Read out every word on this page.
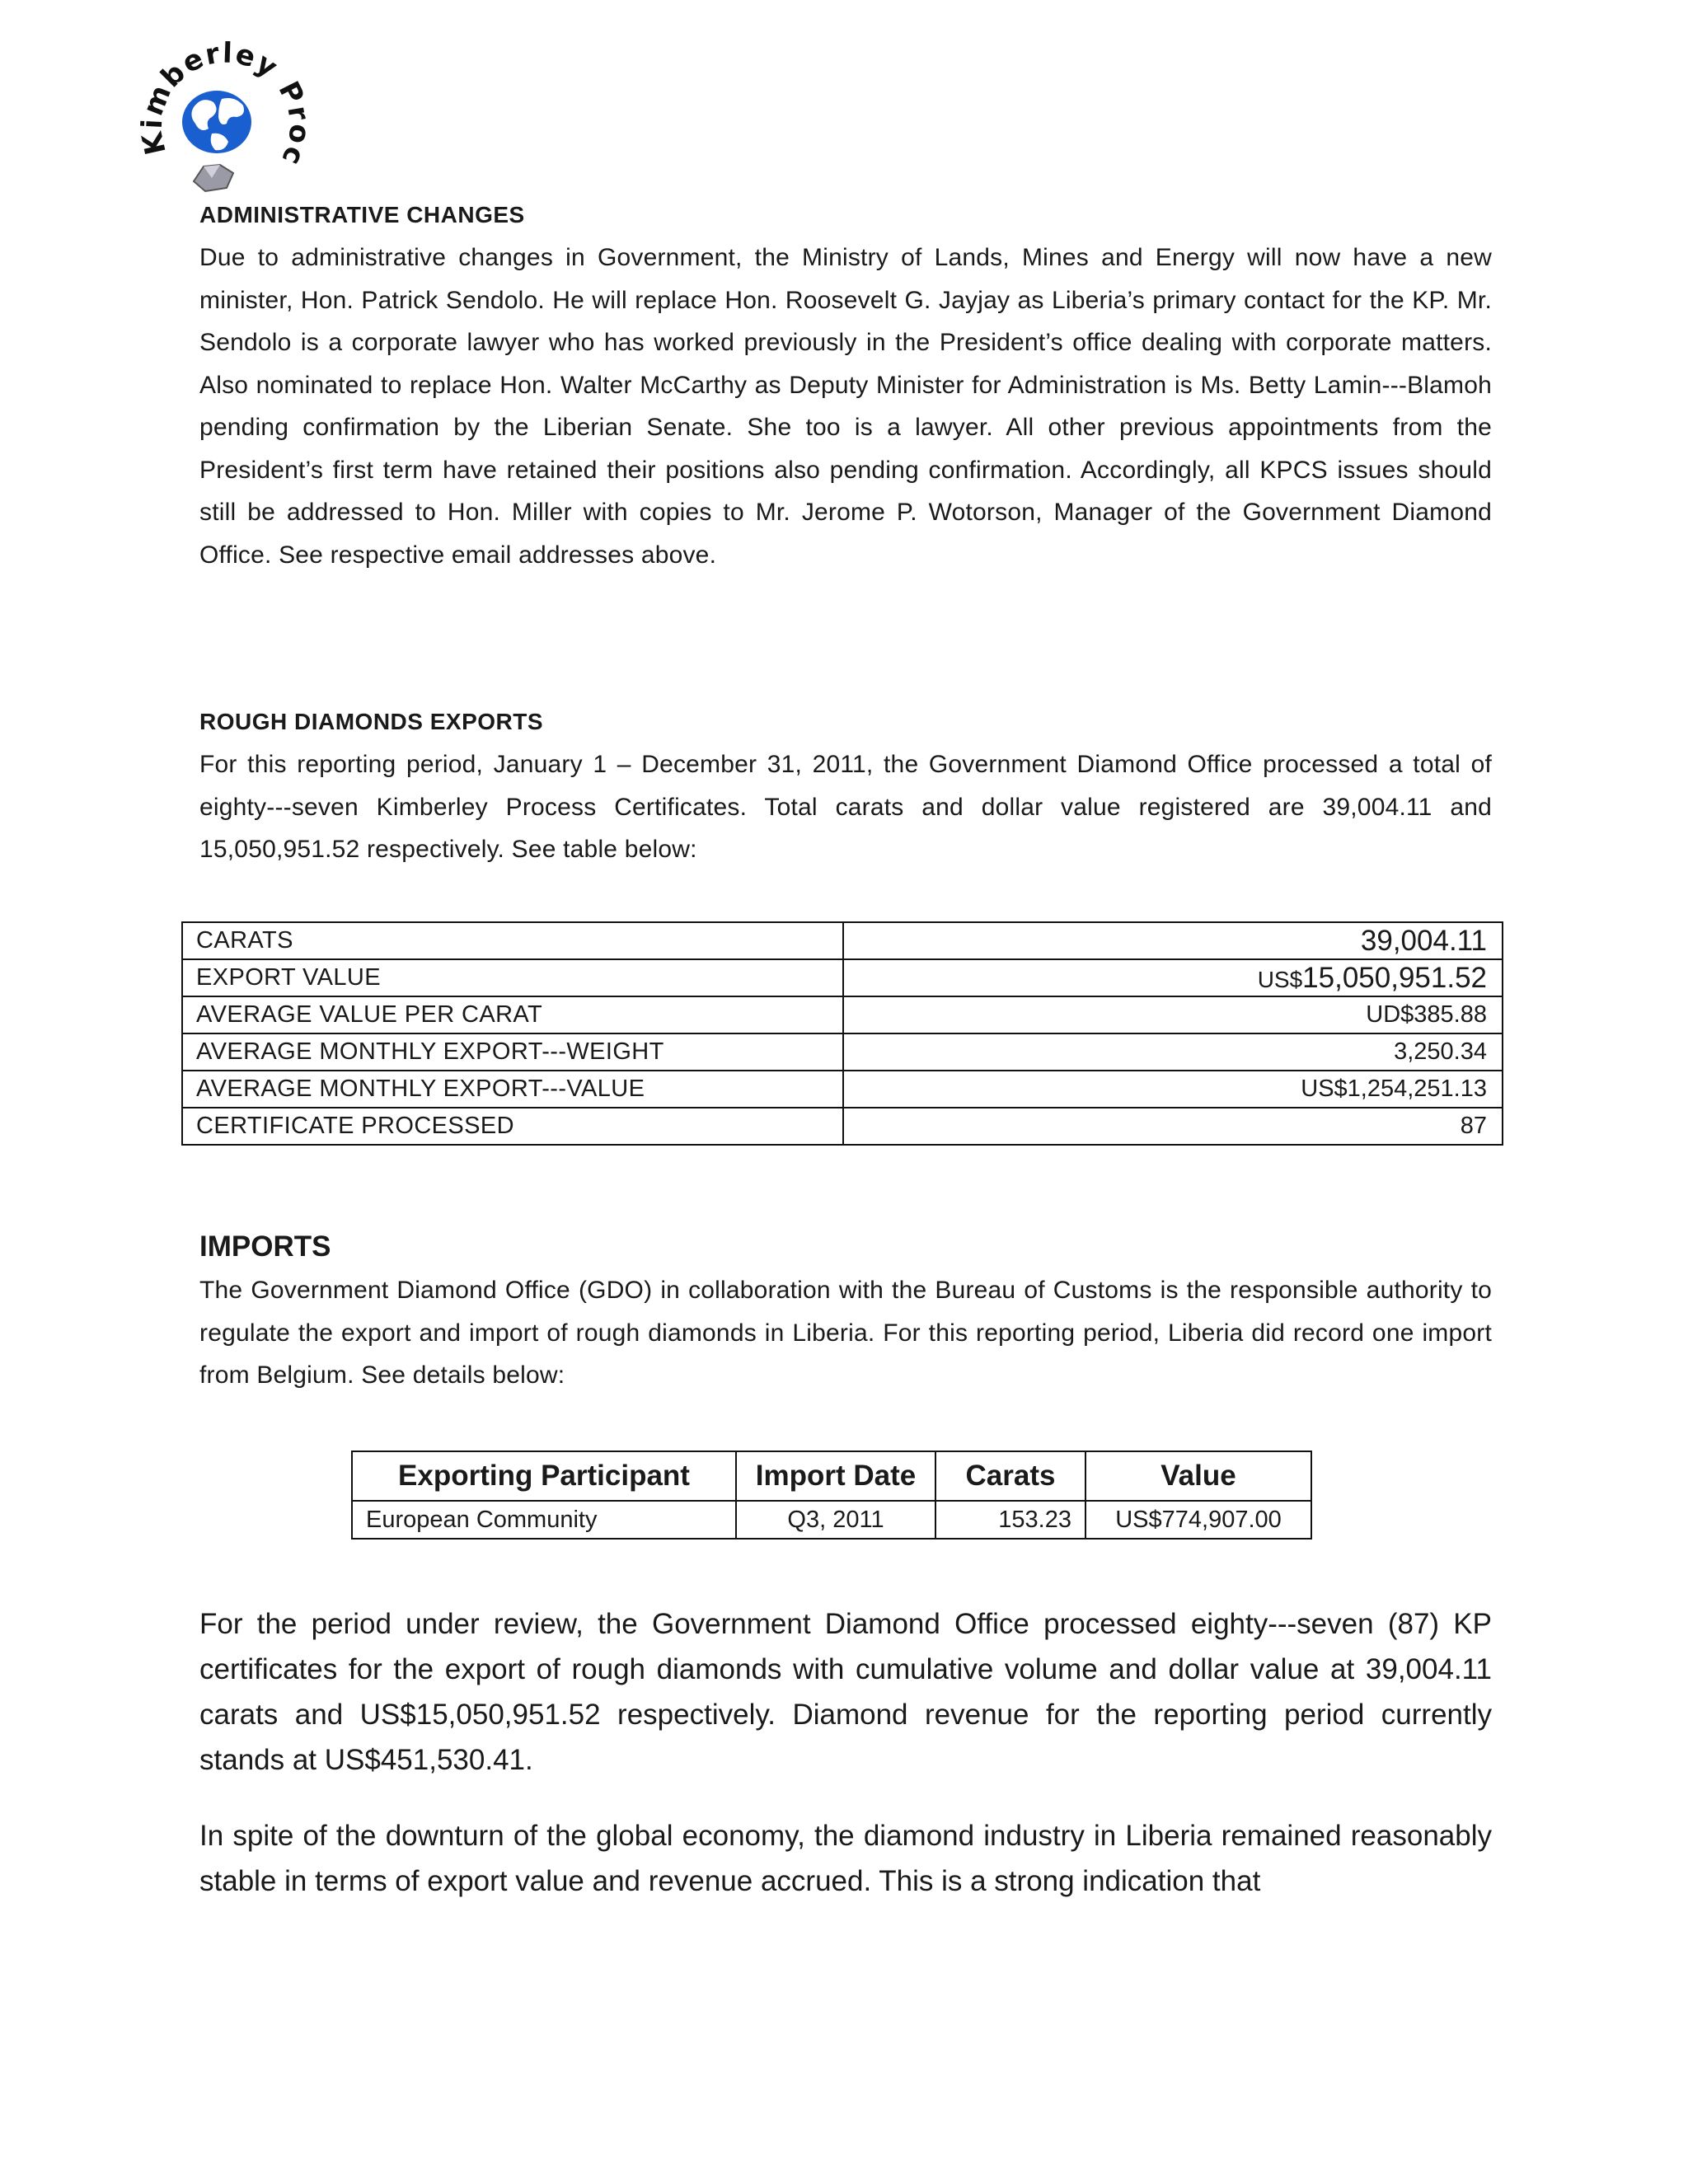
Kimberley Proc
ADMINISTRATIVE CHANGES
Due to administrative changes in Government, the Ministry of Lands, Mines and Energy will now have a new minister, Hon. Patrick Sendolo. He will replace Hon. Roosevelt G. Jayjay as Liberia’s primary contact for the KP. Mr. Sendolo is a corporate lawyer who has worked previously in the President’s office dealing with corporate matters. Also nominated to replace Hon. Walter McCarthy as Deputy Minister for Administration is Ms. Betty Lamin---Blamoh pending confirmation by the Liberian Senate. She too is a lawyer. All other previous appointments from the President’s first term have retained their positions also pending confirmation. Accordingly, all KPCS issues should still be addressed to Hon. Miller with copies to Mr. Jerome P. Wotorson, Manager of the Government Diamond Office. See respective email addresses above.
ROUGH DIAMONDS EXPORTS
For this reporting period, January 1 – December 31, 2011, the Government Diamond Office processed a total of eighty---seven Kimberley Process Certificates. Total carats and dollar value registered are 39,004.11 and 15,050,951.52 respectively. See table below:
CARATS	39,004.11
EXPORT VALUE	US$15,050,951.52
AVERAGE VALUE PER CARAT	UD$385.88
AVERAGE MONTHLY EXPORT---WEIGHT	3,250.34
AVERAGE MONTHLY EXPORT---VALUE	US$1,254,251.13
CERTIFICATE PROCESSED	87
IMPORTS
The Government Diamond Office (GDO) in collaboration with the Bureau of Customs is the responsible authority to regulate the export and import of rough diamonds in Liberia. For this reporting period, Liberia did record one import from Belgium. See details below:
Exporting Participant	Import Date	Carats	Value
European Community	Q3, 2011	153.23	US$774,907.00
For the period under review, the Government Diamond Office processed eighty---seven (87) KP certificates for the export of rough diamonds with cumulative volume and dollar value at 39,004.11 carats and US$15,050,951.52 respectively. Diamond revenue for the reporting period currently stands at US$451,530.41.
In spite of the downturn of the global economy, the diamond industry in Liberia remained reasonably stable in terms of export value and revenue accrued. This is a strong indication that
